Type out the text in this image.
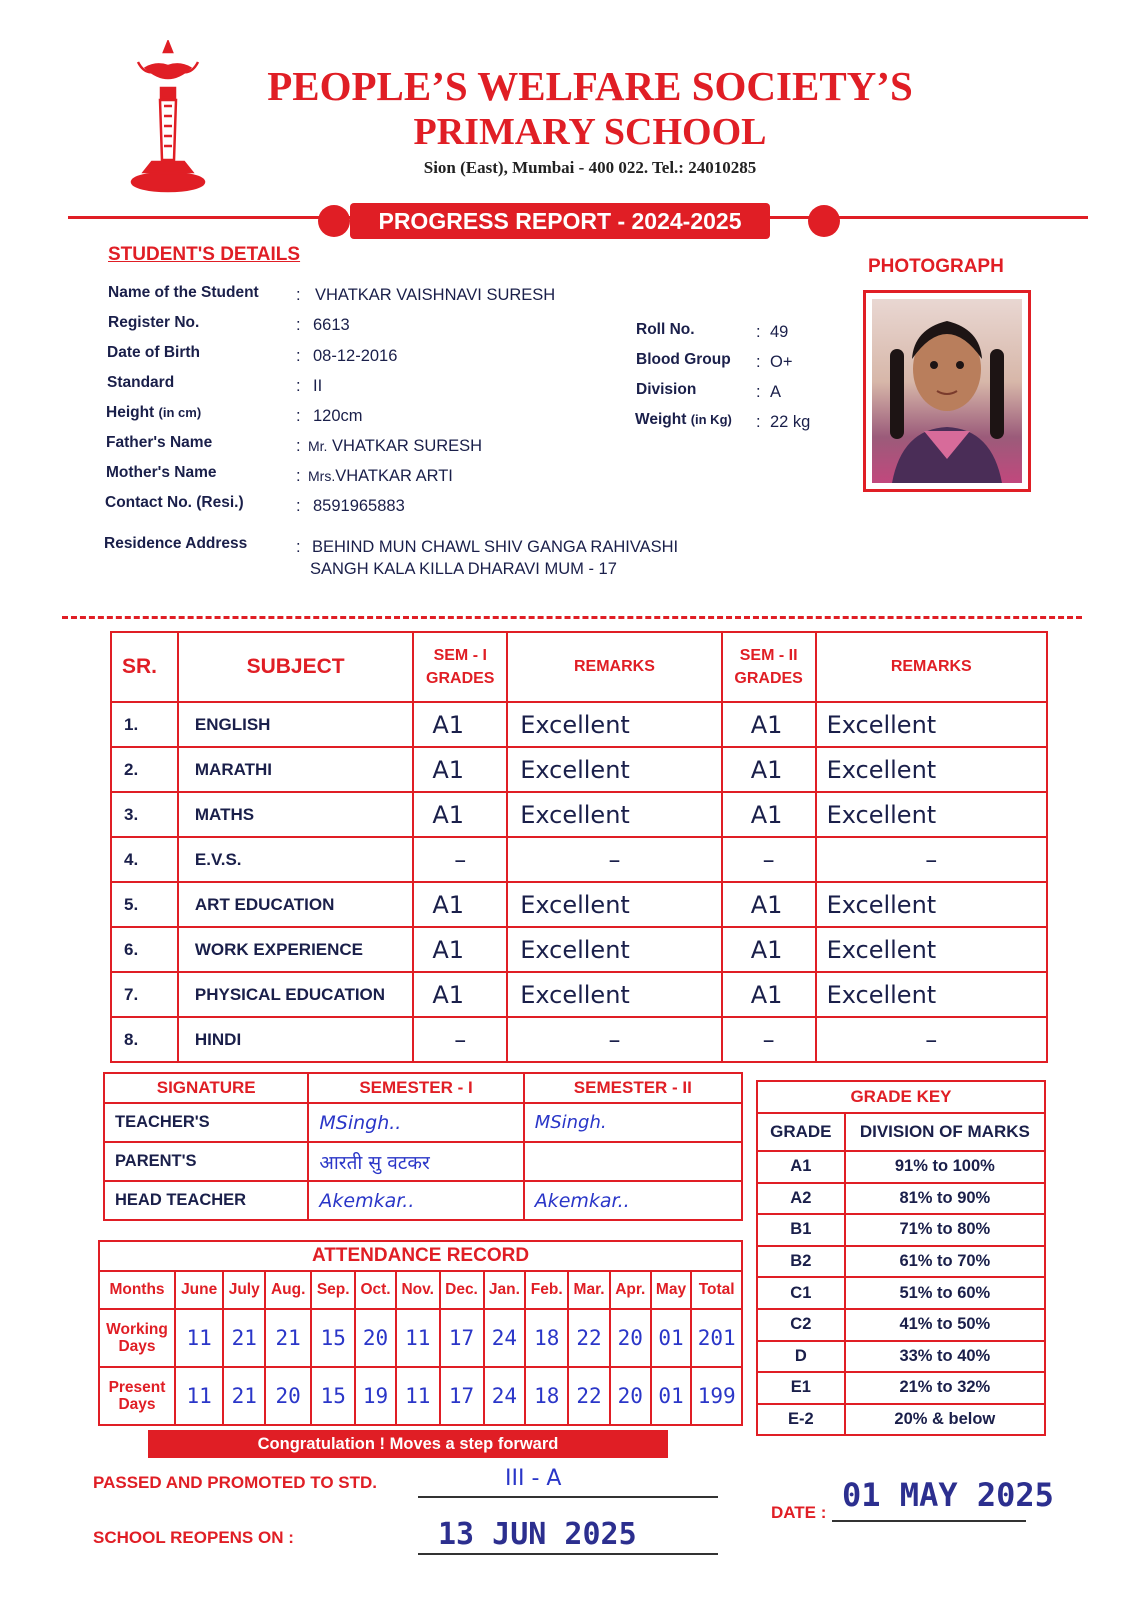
PEOPLE’S WELFARE SOCIETY’S
PRIMARY SCHOOL
Sion (East), Mumbai - 400 022. Tel.: 24010285
PROGRESS REPORT - 2024-2025
STUDENT'S DETAILS
Name of the Student : VHATKAR VAISHNAVI SURESH
Register No.	: 6613
Date of Birth	: 08-12-2016
Standard	: II
Height (in cm)	: 120cm
Father's Name	: Mr. VHATKAR SURESH
Mother's Name	: Mrs.VHATKAR ARTI
Contact No. (Resi.)	: 8591965883
Residence Address	: BEHIND MUN CHAWL SHIV GANGA RAHIVASHI
SANGH KALA KILLA DHARAVI MUM - 17
Roll No.	: 49
Blood Group : O+
Division	: A
Weight (in Kg) : 22 kg
PHOTOGRAPH
SR.	SUBJECT	SEM - I GRADES	REMARKS	SEM - II GRADES	REMARKS
1.	ENGLISH	A1	Excellent	A1	Excellent
2.	MARATHI	A1	Excellent	A1	Excellent
3.	MATHS	A1	Excellent	A1	Excellent
4.	E.V.S.	–	–	–	–
5.	ART EDUCATION	A1	Excellent	A1	Excellent
6.	WORK EXPERIENCE	A1	Excellent	A1	Excellent
7.	PHYSICAL EDUCATION	A1	Excellent	A1	Excellent
8.	HINDI	–	–	–	–
SIGNATURE	SEMESTER - I	SEMESTER - II
TEACHER'S	MSingh..	MSingh.
PARENT'S	आरती सु वटकर	
HEAD TEACHER	Akemkar..	Akemkar..
GRADE KEY	
GRADE	DIVISION OF MARKS
A1	91% to 100%
A2	81% to 90%
B1	71% to 80%
B2	61% to 70%
C1	51% to 60%
C2	41% to 50%
D	33% to 40%
E1	21% to 32%
E-2	20% & below
ATTENDANCE RECORD													
Months	June	July	Aug.	Sep.	Oct.	Nov.	Dec.	Jan.	Feb.	Mar.	Apr.	May	Total
Working Days	11	21	21	15	20	11	17	24	18	22	20	01	201
Present Days	11	21	20	15	19	11	17	24	18	22	20	01	199
Congratulation ! Moves a step forward
PASSED AND PROMOTED TO STD.	III - A
SCHOOL REOPENS ON :	13 JUN 2025
DATE : 01 MAY 2025
